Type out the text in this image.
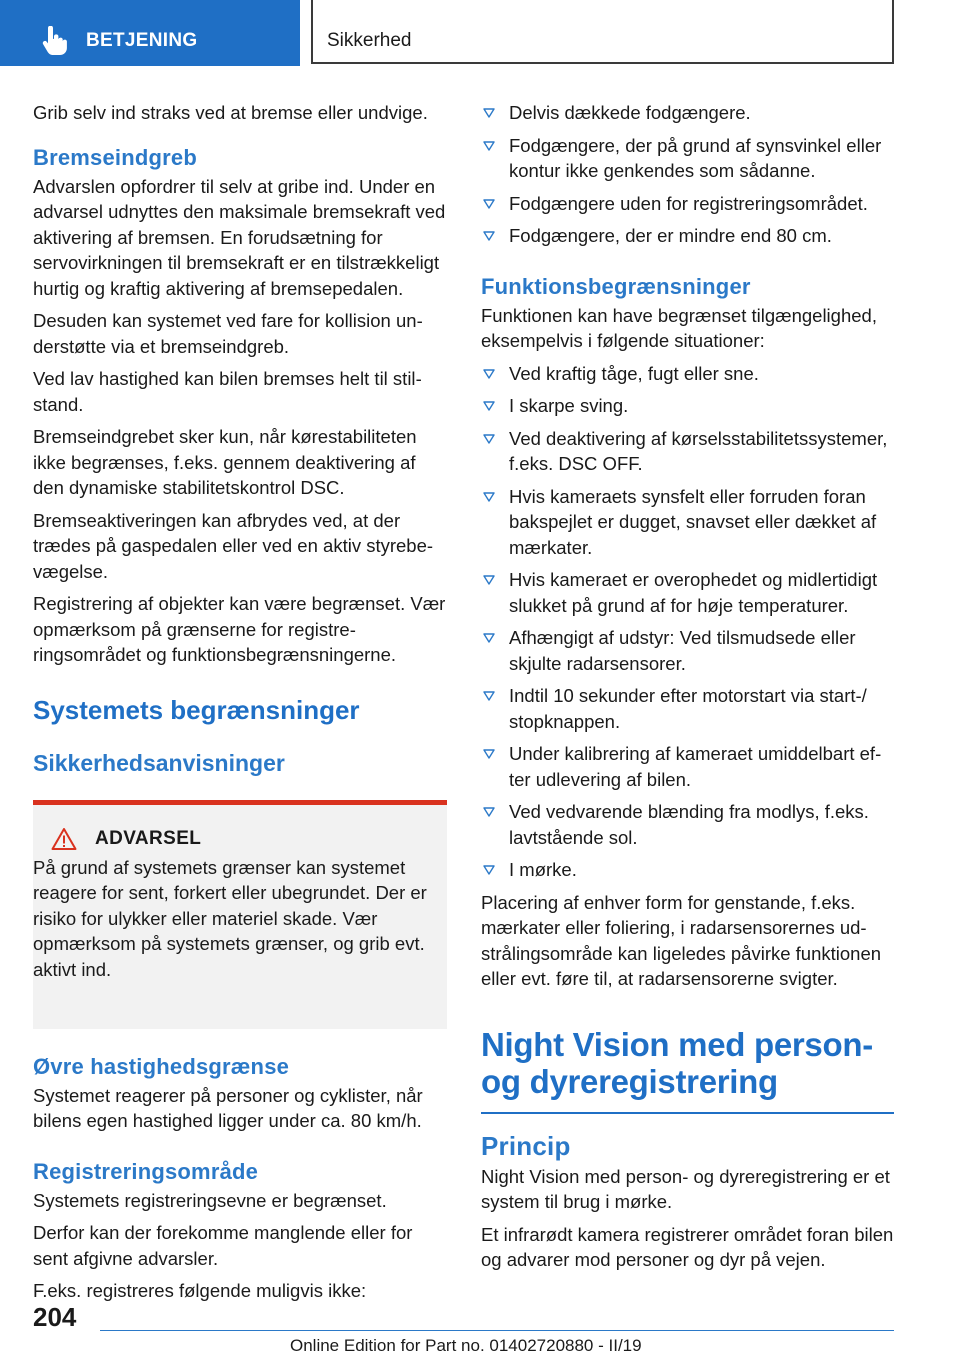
BETJENING	Sikkerhed

Grib selv ind straks ved at bremse eller undvige.

Bremseindgreb

Advarslen opfordrer til selv at gribe ind. Under en advarsel udnyttes den maksimale bremsekraft ved aktivering af bremsen. En forudsætning for servovirkningen til bremsekraft er en tilstrækkeligt hurtig og kraftig aktivering af bremsepedalen.

Desuden kan systemet ved fare for kollision understøtte via et bremseindgreb.

Ved lav hastighed kan bilen bremses helt til stilstand.

Bremseindgrebet sker kun, når kørestabiliteten ikke begrænses, f.eks. gennem deaktivering af den dynamiske stabilitetskontrol DSC.

Bremseaktiveringen kan afbrydes ved, at der trædes på gaspedalen eller ved en aktiv styrebevægelse.

Registrering af objekter kan være begrænset. Vær opmærksom på grænserne for registreringsområdet og funktionsbegrænsningerne.

Systemets begrænsninger
Sikkerhedsanvisninger
ADVARSEL

På grund af systemets grænser kan systemet reagere for sent, forkert eller ubegrundet. Der er risiko for ulykker eller materiel skade. Vær opmærksom på systemets grænser, og grib evt. aktivt ind.

Øvre hastighedsgrænse

Systemet reagerer på personer og cyklister, når bilens egen hastighed ligger under ca. 80 km/h.

Registreringsområde

Systemets registreringsevne er begrænset.

Derfor kan der forekomme manglende eller for sent afgivne advarsler.

F.eks. registreres følgende muligvis ikke:

Delvis dækkede fodgængere.
Fodgængere, der på grund af synsvinkel eller kontur ikke genkendes som sådanne.
Fodgængere uden for registreringsområdet.
Fodgængere, der er mindre end 80 cm.
Funktionsbegrænsninger

Funktionen kan have begrænset tilgængelighed, eksempelvis i følgende situationer:

Ved kraftig tåge, fugt eller sne.
I skarpe sving.
Ved deaktivering af kørselsstabilitetssystemer, f.eks. DSC OFF.
Hvis kameraets synsfelt eller forruden foran bakspejlet er dugget, snavset eller dækket af mærkater.
Hvis kameraet er overophedet og midlertidigt slukket på grund af for høje temperaturer.
Afhængigt af udstyr: Ved tilsmudsede eller skjulte radarsensorer.
Indtil 10 sekunder efter motorstart via start-/ stopknappen.
Under kalibrering af kameraet umiddelbart efter udlevering af bilen.
Ved vedvarende blænding fra modlys, f.eks. lavtstående sol.
I mørke.

Placering af enhver form for genstande, f.eks. mærkater eller foliering, i radarsensorernes udstrålingsområde kan ligeledes påvirke funktionen eller evt. føre til, at radarsensorerne svigter.

Night Vision med person- og dyreregistrering
Princip

Night Vision med person- og dyreregistrering er et system til brug i mørke.

Et infrarødt kamera registrerer området foran bilen og advarer mod personer og dyr på vejen.

204
Online Edition for Part no. 01402720880 - II/19
